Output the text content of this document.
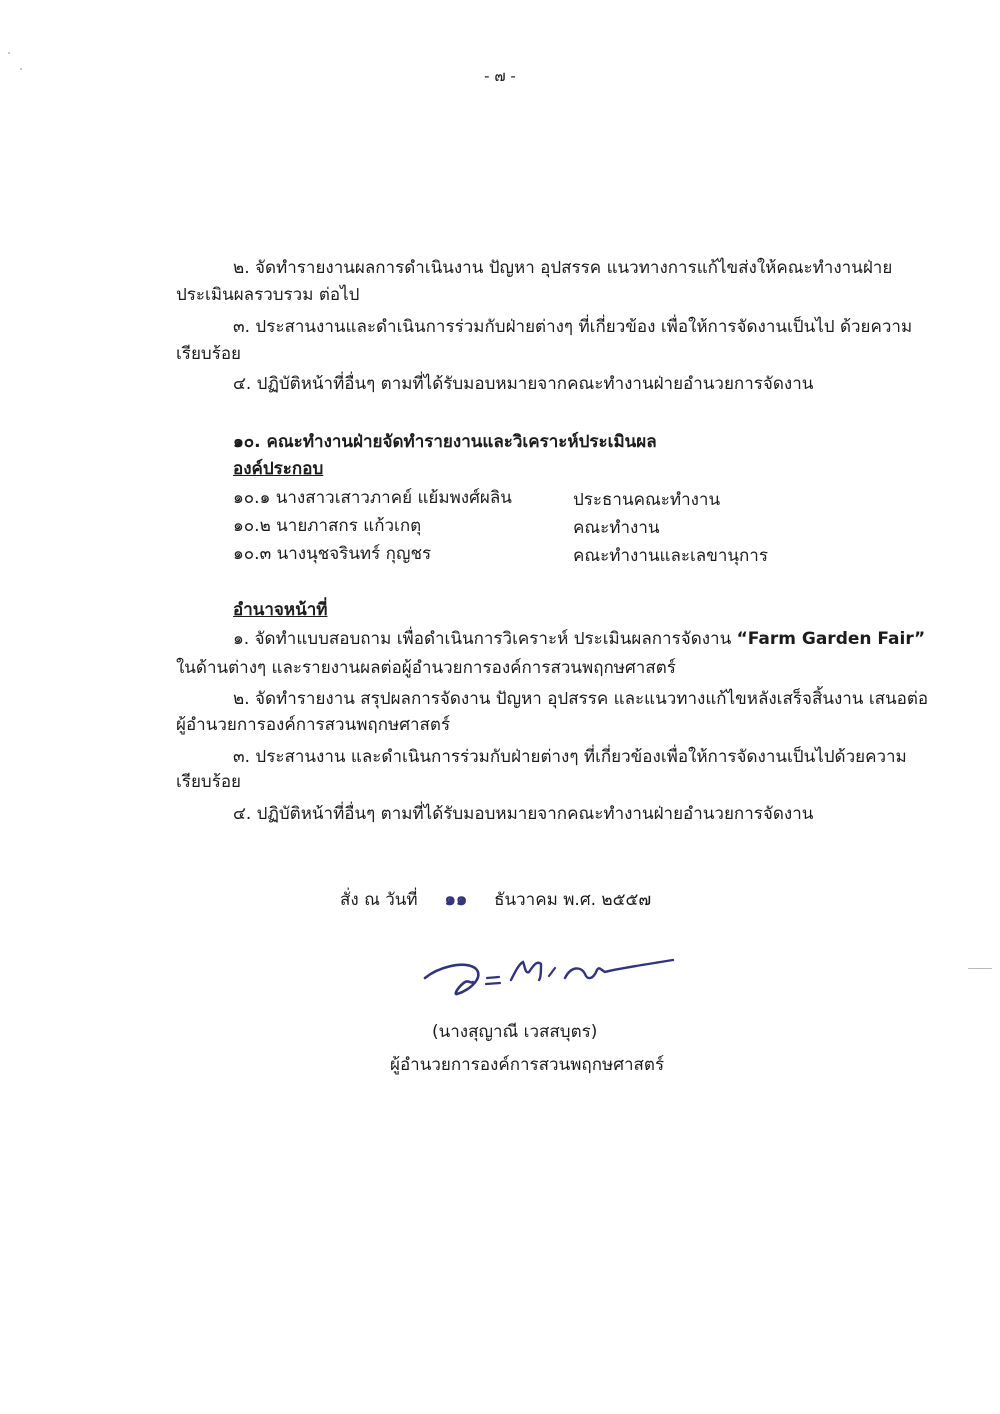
- ๗ -
๒. จัดทำรายงานผลการดำเนินงาน ปัญหา อุปสรรค แนวทางการแก้ไขส่งให้คณะทำงานฝ่าย
ประเมินผลรวบรวม ต่อไป
๓. ประสานงานและดำเนินการร่วมกับฝ่ายต่างๆ ที่เกี่ยวข้อง เพื่อให้การจัดงานเป็นไป ด้วยความ
เรียบร้อย
๔. ปฏิบัติหน้าที่อื่นๆ ตามที่ได้รับมอบหมายจากคณะทำงานฝ่ายอำนวยการจัดงาน
๑๐. คณะทำงานฝ่ายจัดทำรายงานและวิเคราะห์ประเมินผล
องค์ประกอบ
๑๐.๑ นางสาวเสาวภาคย์ แย้มพงศ์ผลิน	ประธานคณะทำงาน
๑๐.๒ นายภาสกร แก้วเกตุ	คณะทำงาน
๑๐.๓ นางนุชจรินทร์ กุญชร	คณะทำงานและเลขานุการ
อำนาจหน้าที่
๑. จัดทำแบบสอบถาม เพื่อดำเนินการวิเคราะห์ ประเมินผลการจัดงาน “Farm Garden Fair”
ในด้านต่างๆ และรายงานผลต่อผู้อำนวยการองค์การสวนพฤกษศาสตร์
๒. จัดทำรายงาน สรุปผลการจัดงาน ปัญหา อุปสรรค และแนวทางแก้ไขหลังเสร็จสิ้นงาน เสนอต่อ
ผู้อำนวยการองค์การสวนพฤกษศาสตร์
๓. ประสานงาน และดำเนินการร่วมกับฝ่ายต่างๆ ที่เกี่ยวข้องเพื่อให้การจัดงานเป็นไปด้วยความ
เรียบร้อย
๔. ปฏิบัติหน้าที่อื่นๆ ตามที่ได้รับมอบหมายจากคณะทำงานฝ่ายอำนวยการจัดงาน
สั่ง ณ วันที่ ๑๑ ธันวาคม พ.ศ. ๒๕๕๗
(นางสุญาณี เวสสบุตร)
ผู้อำนวยการองค์การสวนพฤกษศาสตร์
